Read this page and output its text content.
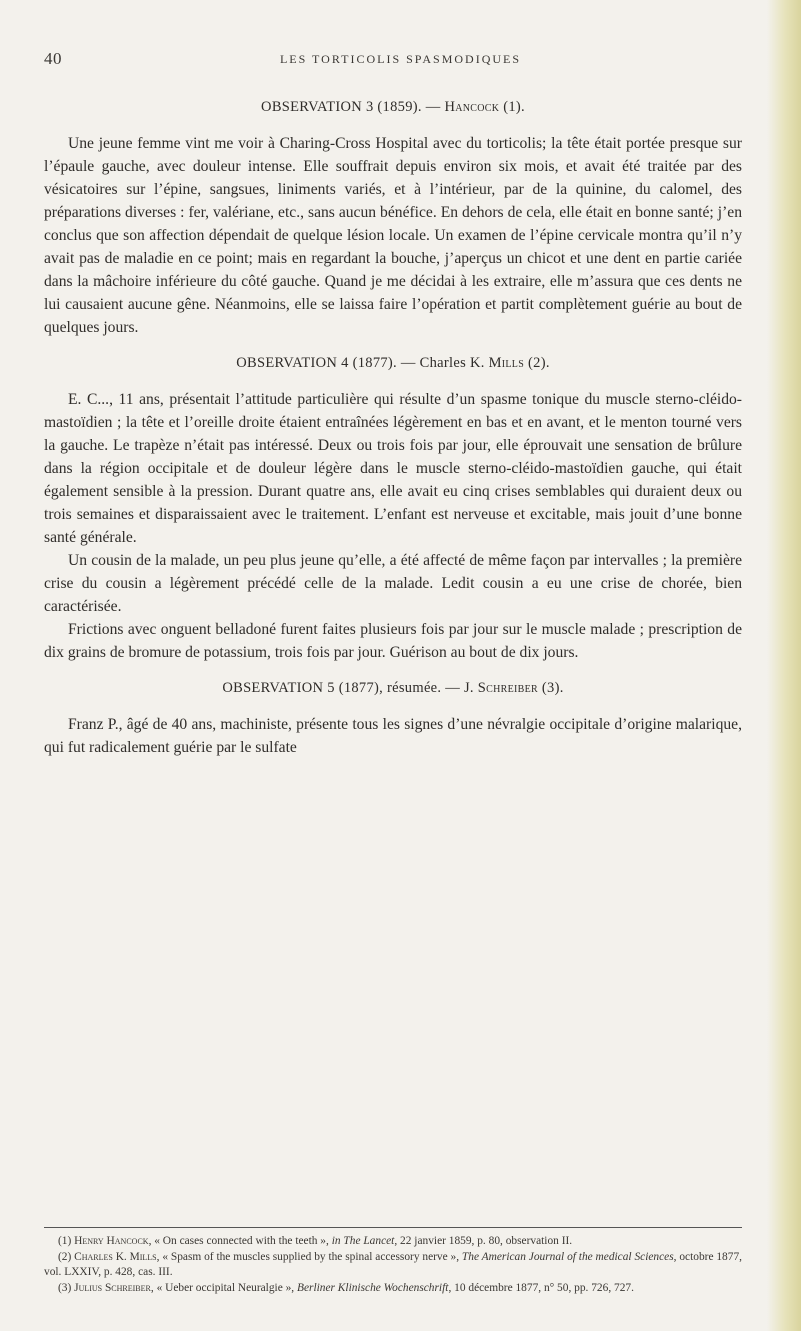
40	LES TORTICOLIS SPASMODIQUES

OBSERVATION 3 (1859). — Hancock (1).

Une jeune femme vint me voir à Charing-Cross Hospital avec du torticolis; la tête était portée presque sur l’épaule gauche, avec douleur intense. Elle souffrait depuis environ six mois, et avait été traitée par des vésicatoires sur l’épine, sangsues, liniments variés, et à l’intérieur, par de la quinine, du calomel, des préparations diverses : fer, valériane, etc., sans aucun bénéfice. En dehors de cela, elle était en bonne santé; j’en conclus que son affection dépendait de quelque lésion locale. Un examen de l’épine cervicale montra qu’il n’y avait pas de maladie en ce point; mais en regardant la bouche, j’aperçus un chicot et une dent en partie cariée dans la mâchoire inférieure du côté gauche. Quand je me décidai à les extraire, elle m’assura que ces dents ne lui causaient aucune gêne. Néanmoins, elle se laissa faire l’opération et partit complètement guérie au bout de quelques jours.

OBSERVATION 4 (1877). — Charles K. Mills (2).

E. C..., 11 ans, présentait l’attitude particulière qui résulte d’un spasme tonique du muscle sterno-cléido-mastoïdien ; la tête et l’oreille droite étaient entraînées légèrement en bas et en avant, et le menton tourné vers la gauche. Le trapèze n’était pas intéressé. Deux ou trois fois par jour, elle éprouvait une sensation de brûlure dans la région occipitale et de douleur légère dans le muscle sterno-cléido-mastoïdien gauche, qui était également sensible à la pression. Durant quatre ans, elle avait eu cinq crises semblables qui duraient deux ou trois semaines et disparaissaient avec le traitement. L’enfant est nerveuse et excitable, mais jouit d’une bonne santé générale.

Un cousin de la malade, un peu plus jeune qu’elle, a été affecté de même façon par intervalles ; la première crise du cousin a légèrement précédé celle de la malade. Ledit cousin a eu une crise de chorée, bien caractérisée.

Frictions avec onguent belladoné furent faites plusieurs fois par jour sur le muscle malade ; prescription de dix grains de bromure de potassium, trois fois par jour. Guérison au bout de dix jours.

OBSERVATION 5 (1877), résumée. — J. Schreiber (3).

Franz P., âgé de 40 ans, machiniste, présente tous les signes d’une névralgie occipitale d’origine malarique, qui fut radicalement guérie par le sulfate

(1) Henry Hancock, « On cases connected with the teeth », in The Lancet, 22 janvier 1859, p. 80, observation II.

(2) Charles K. Mills, « Spasm of the muscles supplied by the spinal accessory nerve », The American Journal of the medical Sciences, octobre 1877, vol. LXXIV, p. 428, cas. III.

(3) Julius Schreiber, « Ueber occipital Neuralgie », Berliner Klinische Wochenschrift, 10 décembre 1877, n° 50, pp. 726, 727.
